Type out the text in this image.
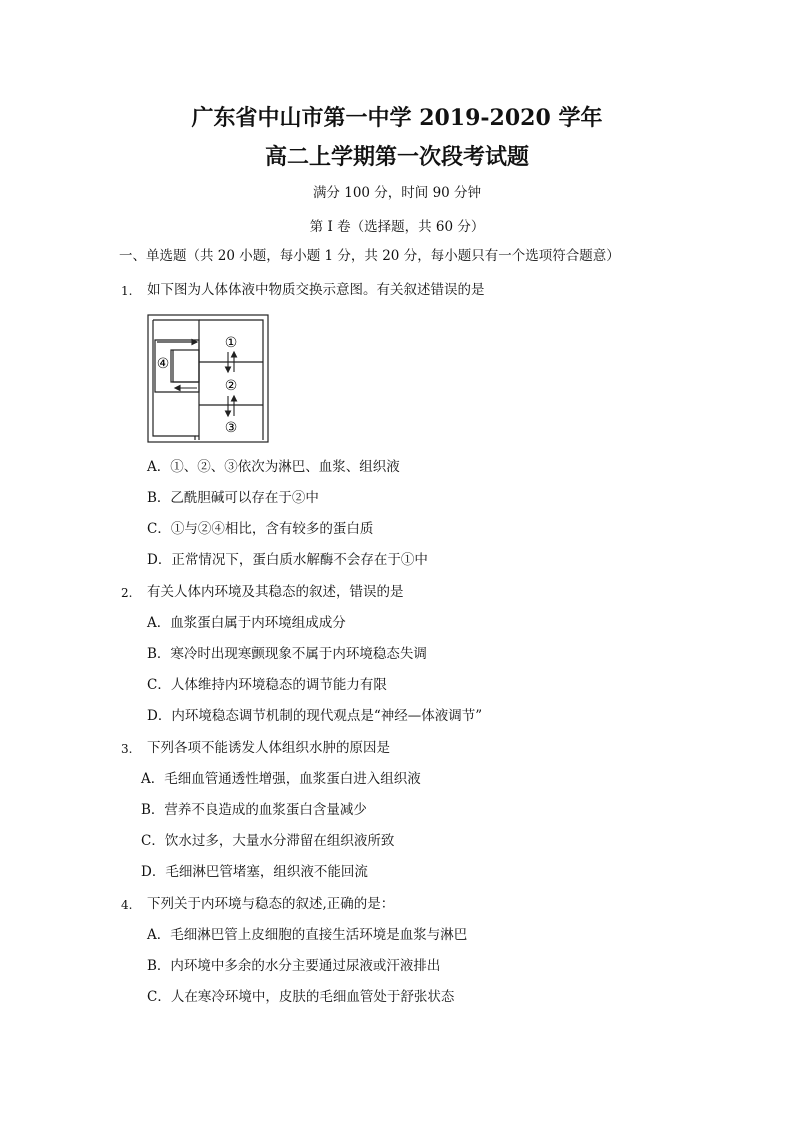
广东省中山市第一中学 2019-2020 学年
高二上学期第一次段考试题
满分 100 分，时间 90 分钟
第 I 卷（选择题，共 60 分）
一、单选题（共 20 小题，每小题 1 分，共 20 分，每小题只有一个选项符合题意）
1. 如下图为人体体液中物质交换示意图。有关叙述错误的是
①
②
③
④
A．①、②、③依次为淋巴、血浆、组织液
B．乙酰胆碱可以存在于②中
C．①与②④相比，含有较多的蛋白质
D．正常情况下，蛋白质水解酶不会存在于①中
2. 有关人体内环境及其稳态的叙述，错误的是
A．血浆蛋白属于内环境组成成分
B．寒冷时出现寒颤现象不属于内环境稳态失调
C．人体维持内环境稳态的调节能力有限
D．内环境稳态调节机制的现代观点是“神经—体液调节”
3. 下列各项不能诱发人体组织水肿的原因是
A．毛细血管通透性增强，血浆蛋白进入组织液
B．营养不良造成的血浆蛋白含量减少
C．饮水过多，大量水分滞留在组织液所致
D．毛细淋巴管堵塞，组织液不能回流
4. 下列关于内环境与稳态的叙述,正确的是：
A．毛细淋巴管上皮细胞的直接生活环境是血浆与淋巴
B．内环境中多余的水分主要通过尿液或汗液排出
C．人在寒冷环境中，皮肤的毛细血管处于舒张状态
